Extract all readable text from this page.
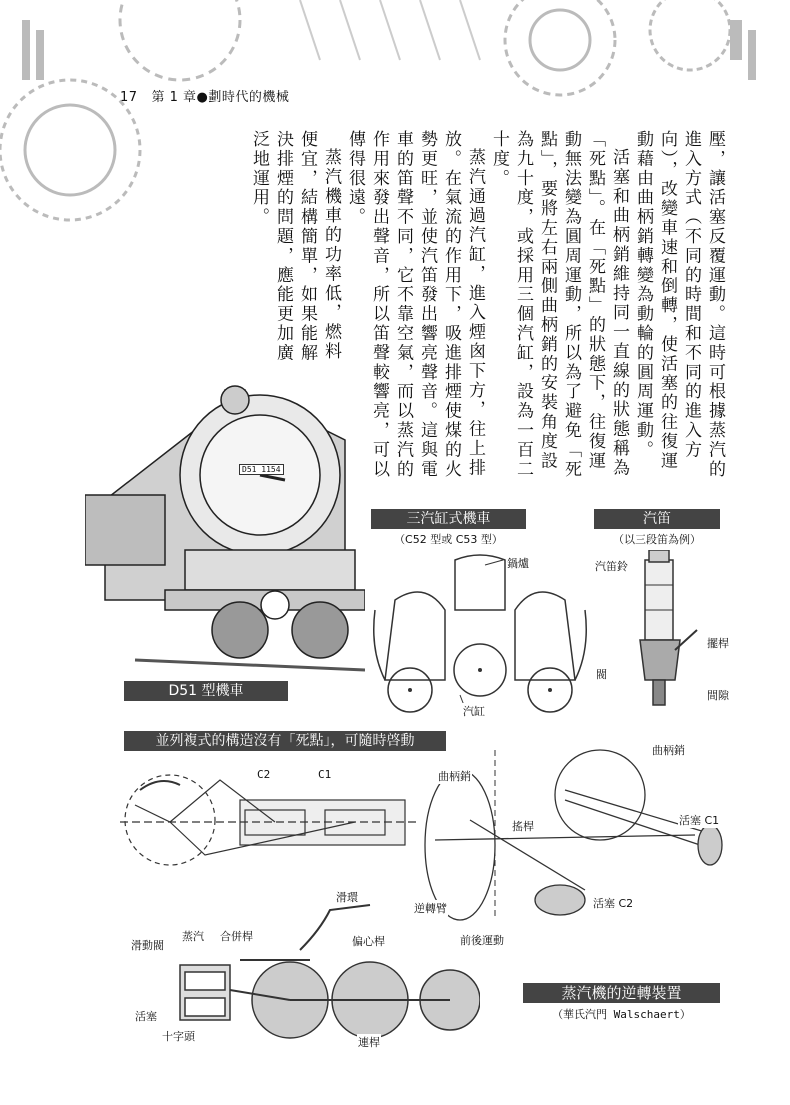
17 第 1 章●劃時代的機械
壓，讓活塞反覆運動。這時可根據蒸汽的
進入方式（不同的時間和不同的進入方
向），改變車速和倒轉，使活塞的往復運
動藉由曲柄銷轉變為動輪的圓周運動。
活塞和曲柄銷維持同一直線的狀態稱為
「死點」。在「死點」的狀態下，往復運
動無法變為圓周運動，所以為了避免「死
點」，要將左右兩側曲柄銷的安裝角度設
為九十度，或採用三個汽缸，設為一百二
十度。
蒸汽通過汽缸，進入煙囪下方，往上排
放。在氣流的作用下，吸進排煙使煤的火
勢更旺，並使汽笛發出響亮聲音。這與電
車的笛聲不同，它不靠空氣，而以蒸汽的
作用來發出聲音，所以笛聲較響亮，可以
傳得很遠。
蒸汽機車的功率低，燃料
便宜，結構簡單，如果能解
決排煙的問題，應能更加廣
泛地運用。
D51 1154
D51 型機車
三汽缸式機車
（C52 型或 C53 型）
鍋爐
汽缸
汽笛
（以三段笛為例）
汽笛鈴
擺桿
閥
間隙
並列複式的構造沒有「死點」，可隨時啓動
C2	C1
曲柄銷
曲柄銷
搖桿	活塞 C1
活塞 C2
滑環
逆轉臂
蒸汽 合併桿	偏心桿	前後運動
滑動閥
活塞
十字頭	連桿
蒸汽機的逆轉裝置
（華氏汽門 Walschaert）
